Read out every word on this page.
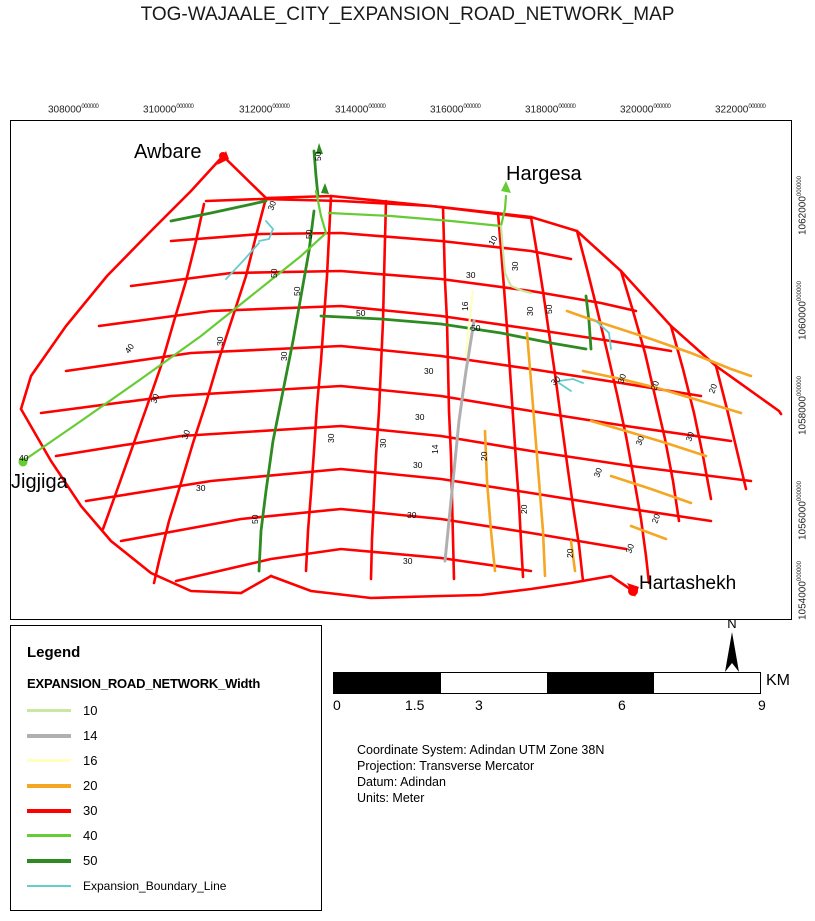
TOG-WAJAALE_CITY_EXPANSION_ROAD_NETWORK_MAP
$308000^{000000}$	$310000^{000000}$	$312000^{000000}$	$314000^{000000}$	$316000^{000000}$	$318000^{000000}$	$320000^{000000}$	$322000^{000000}$
$1062000^{000000}$
$1060000^{000000}$
$1058000^{000000}$
$1056000^{000000}$
$1054000^{000000}$
50
30
50
50
50
10
30
30
50
16
50
30 50
40
30
30
30
30	30
20	20
30
30
30	30
30
14
20
40
30	30
30
30
30
20
50	30	20
20	30
30
Awbare
Hargesa
Jigjiga
Hartashekh
Legend
EXPANSION_ROAD_NETWORK_Width
10
14
16
20
30
40
50
Expansion_Boundary_Line
N
KM
0	1.5	3	6	9
Coordinate System: Adindan UTM Zone 38N
Projection: Transverse Mercator
Datum: Adindan
Units: Meter
